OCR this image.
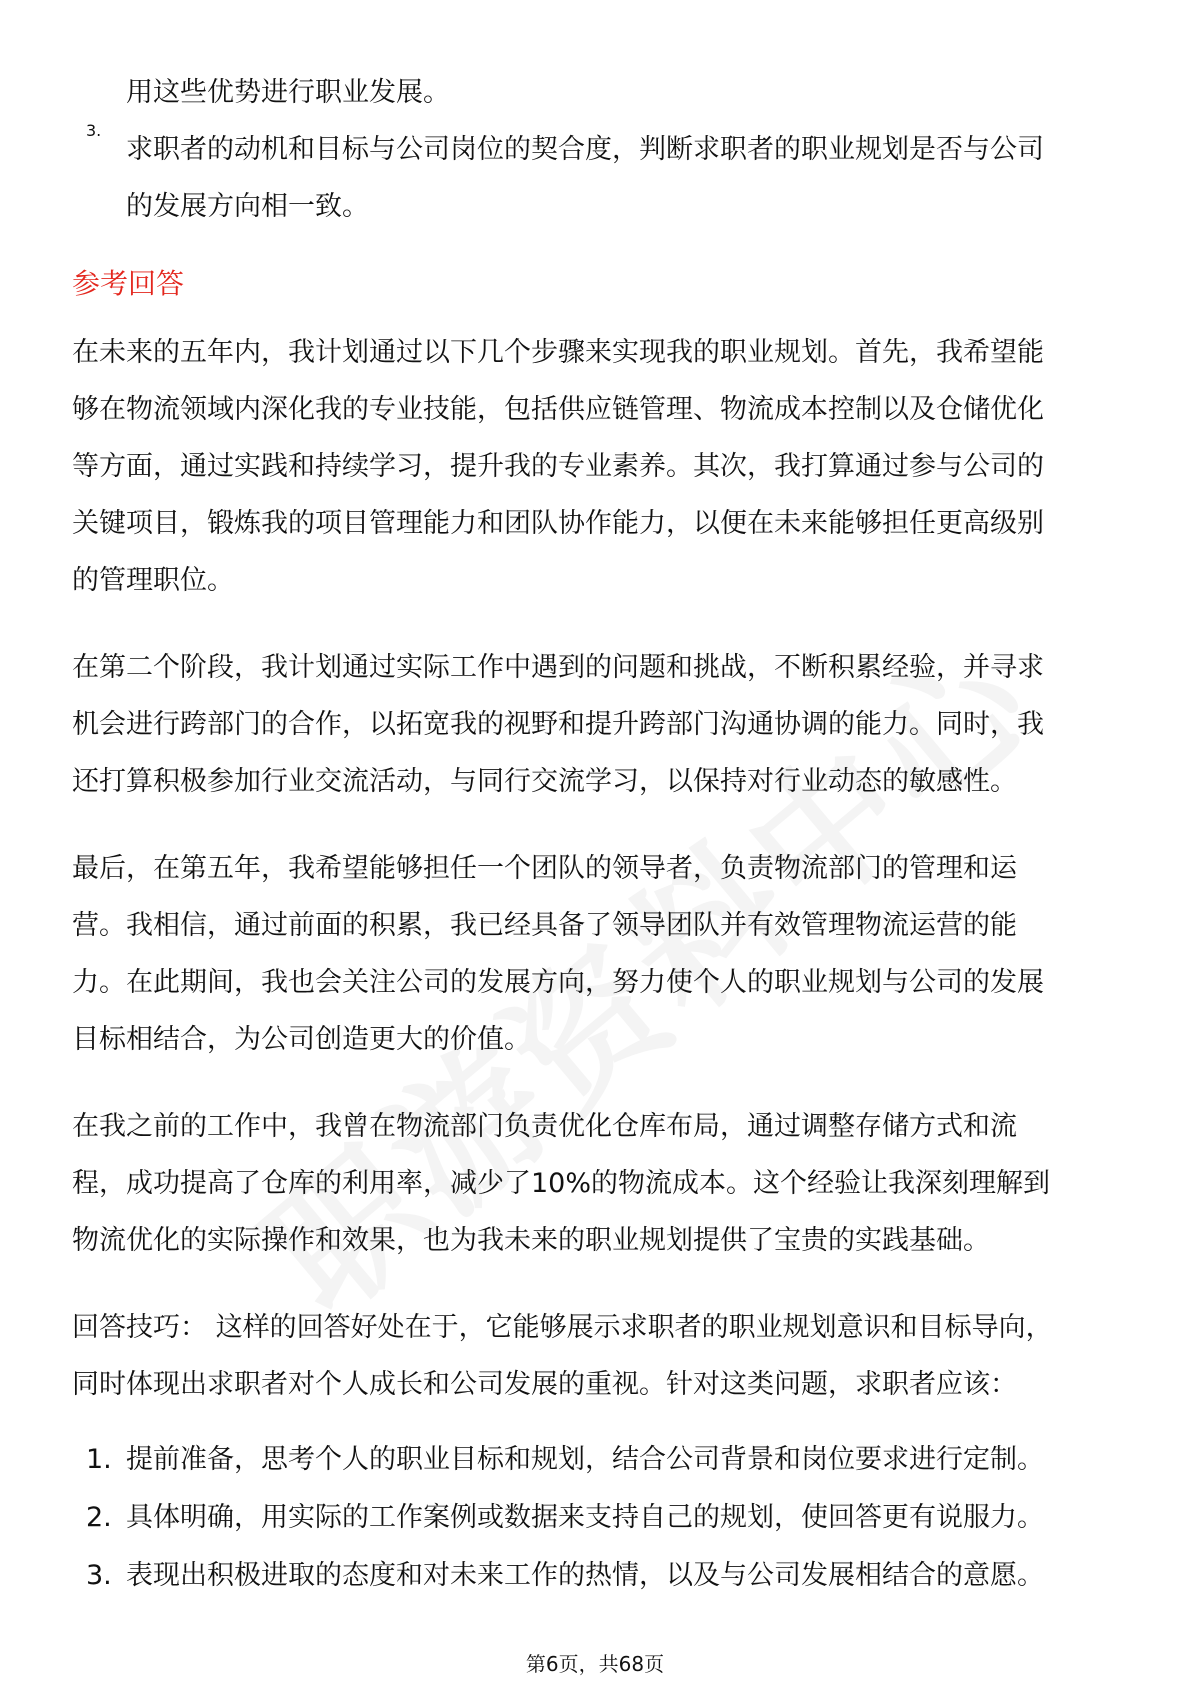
用这些优势进行职业发展。

3.

求职者的动机和目标与公司岗位的契合度，判断求职者的职业规划是否与公司

的发展方向相一致。

参考回答

在未来的五年内，我计划通过以下几个步骤来实现我的职业规划。首先，我希望能

够在物流领域内深化我的专业技能，包括供应链管理、物流成本控制以及仓储优化

等方面，通过实践和持续学习，提升我的专业素养。其次，我打算通过参与公司的

关键项目，锻炼我的项目管理能力和团队协作能力，以便在未来能够担任更高级别

的管理职位。

在第二个阶段，我计划通过实际工作中遇到的问题和挑战，不断积累经验，并寻求

机会进行跨部门的合作，以拓宽我的视野和提升跨部门沟通协调的能力。同时，我

还打算积极参加行业交流活动，与同行交流学习，以保持对行业动态的敏感性。

最后，在第五年，我希望能够担任一个团队的领导者，负责物流部门的管理和运

营。我相信，通过前面的积累，我已经具备了领导团队并有效管理物流运营的能

力。在此期间，我也会关注公司的发展方向，努力使个人的职业规划与公司的发展

目标相结合，为公司创造更大的价值。

在我之前的工作中，我曾在物流部门负责优化仓库布局，通过调整存储方式和流

程，成功提高了仓库的利用率，减少了10%的物流成本。这个经验让我深刻理解到

物流优化的实际操作和效果，也为我未来的职业规划提供了宝贵的实践基础。

回答技巧： 这样的回答好处在于，它能够展示求职者的职业规划意识和目标导向，

同时体现出求职者对个人成长和公司发展的重视。针对这类问题，求职者应该：

1. 提前准备，思考个人的职业目标和规划，结合公司背景和岗位要求进行定制。

2. 具体明确，用实际的工作案例或数据来支持自己的规划，使回答更有说服力。

3. 表现出积极进取的态度和对未来工作的热情，以及与公司发展相结合的意愿。

第6页，共68页
